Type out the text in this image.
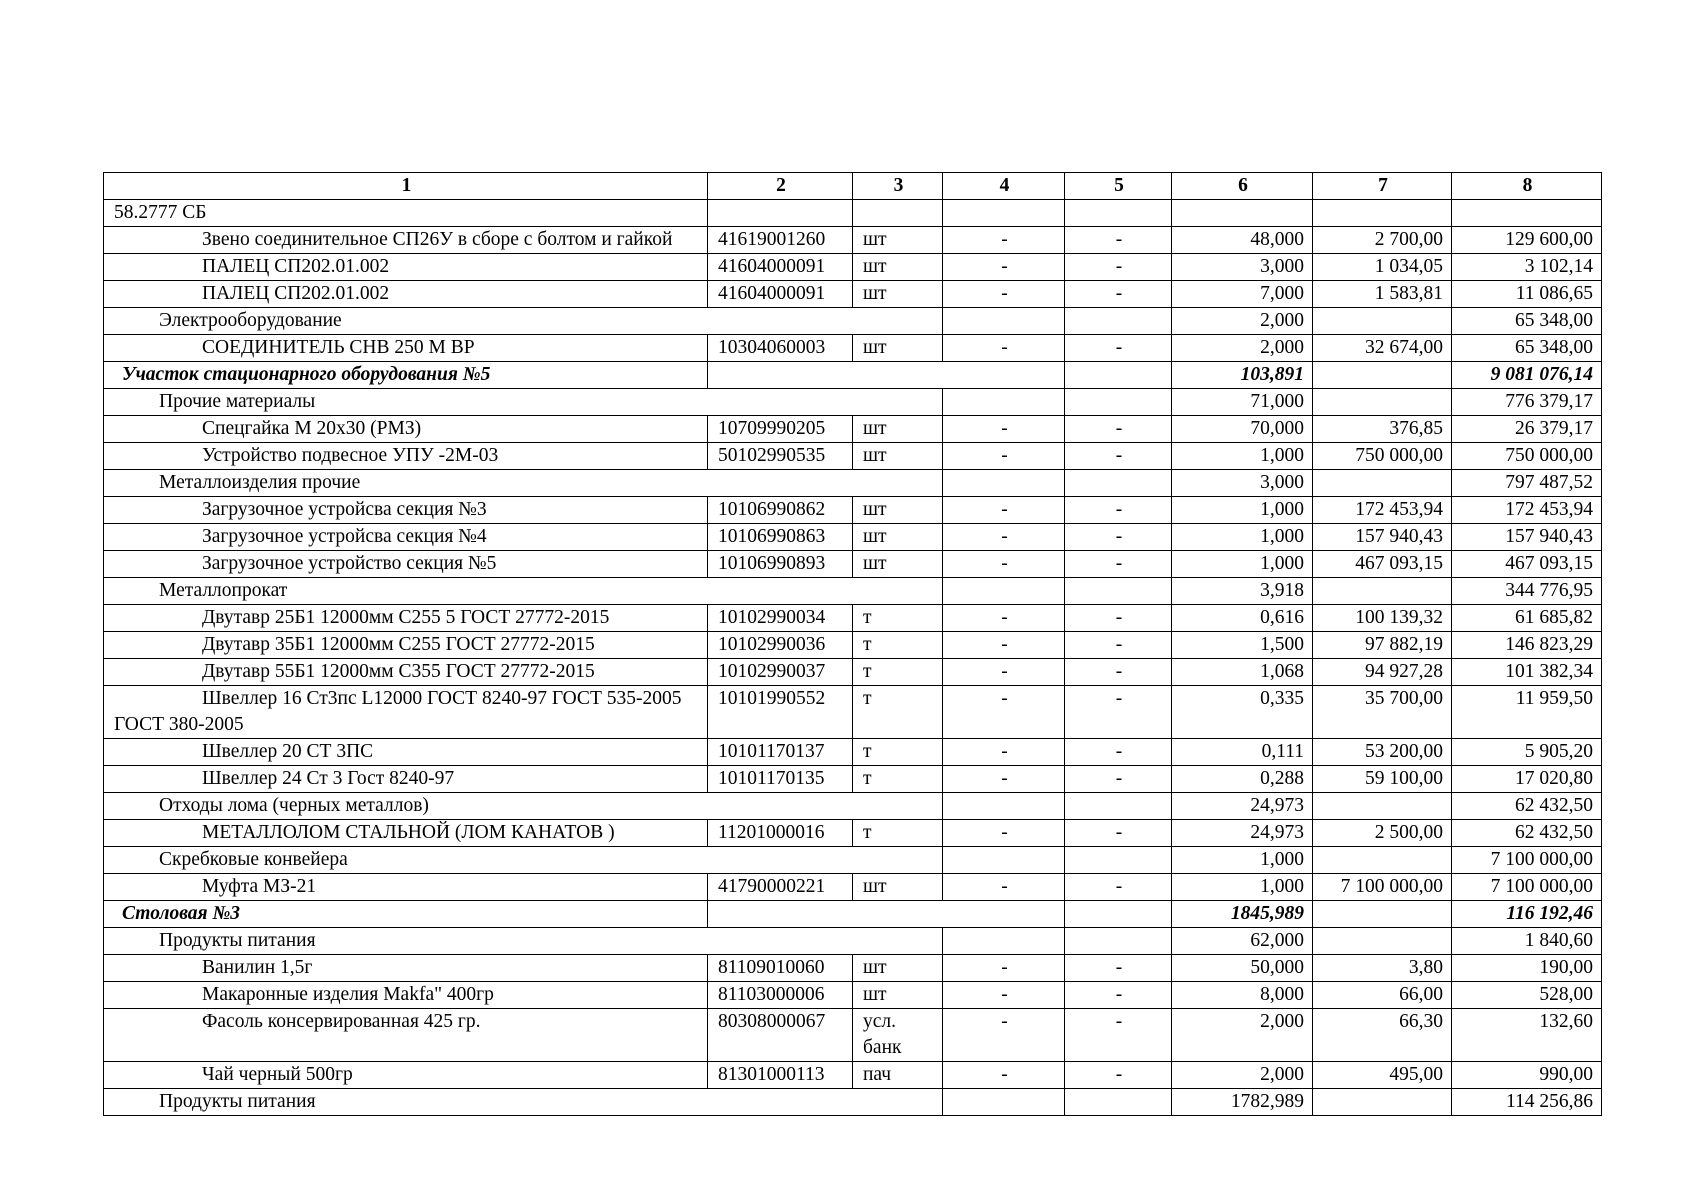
1	2	3	4	5	6	7	8
58.2777 СБ							
Звено соединительное СП26У в сборе с болтом и гайкой	41619001260	шт	-	-	48,000	2 700,00	129 600,00
ПАЛЕЦ СП202.01.002	41604000091	шт	-	-	3,000	1 034,05	3 102,14
ПАЛЕЦ СП202.01.002	41604000091	шт	-	-	7,000	1 583,81	11 086,65
Электрооборудование					2,000		65 348,00
СОЕДИНИТЕЛЬ СНВ 250 М ВР	10304060003	шт	-	-	2,000	32 674,00	65 348,00
Участок стационарного оборудования №5					103,891		9 081 076,14
Прочие материалы					71,000		776 379,17
Спецгайка М 20х30 (РМЗ)	10709990205	шт	-	-	70,000	376,85	26 379,17
Устройство подвесное УПУ -2М-03	50102990535	шт	-	-	1,000	750 000,00	750 000,00
Металлоизделия прочие					3,000		797 487,52
Загрузочное устройсва секция №3	10106990862	шт	-	-	1,000	172 453,94	172 453,94
Загрузочное устройсва секция №4	10106990863	шт	-	-	1,000	157 940,43	157 940,43
Загрузочное устройство секция №5	10106990893	шт	-	-	1,000	467 093,15	467 093,15
Металлопрокат					3,918		344 776,95
Двутавр 25Б1 12000мм С255 5 ГОСТ 27772-2015	10102990034	т	-	-	0,616	100 139,32	61 685,82
Двутавр 35Б1 12000мм С255 ГОСТ 27772-2015	10102990036	т	-	-	1,500	97 882,19	146 823,29
Двутавр 55Б1 12000мм С355 ГОСТ 27772-2015	10102990037	т	-	-	1,068	94 927,28	101 382,34
Швеллер 16 Ст3пс L12000 ГОСТ 8240-97 ГОСТ 535-2005 ГОСТ 380-2005	10101990552	т	-	-	0,335	35 700,00	11 959,50
Швеллер 20 СТ 3ПС	10101170137	т	-	-	0,111	53 200,00	5 905,20
Швеллер 24 Ст 3 Гост 8240-97	10101170135	т	-	-	0,288	59 100,00	17 020,80
Отходы лома (черных металлов)					24,973		62 432,50
МЕТАЛЛОЛОМ СТАЛЬНОЙ (ЛОМ КАНАТОВ )	11201000016	т	-	-	24,973	2 500,00	62 432,50
Скребковые конвейера					1,000		7 100 000,00
Муфта МЗ-21	41790000221	шт	-	-	1,000	7 100 000,00	7 100 000,00
Столовая №3					1845,989		116 192,46
Продукты питания					62,000		1 840,60
Ванилин 1,5г	81109010060	шт	-	-	50,000	3,80	190,00
Макаронные изделия Makfa" 400гр	81103000006	шт	-	-	8,000	66,00	528,00
Фасоль консервированная 425 гр.	80308000067	усл. банк	-	-	2,000	66,30	132,60
Чай черный 500гр	81301000113	пач	-	-	2,000	495,00	990,00
Продукты питания					1782,989		114 256,86
